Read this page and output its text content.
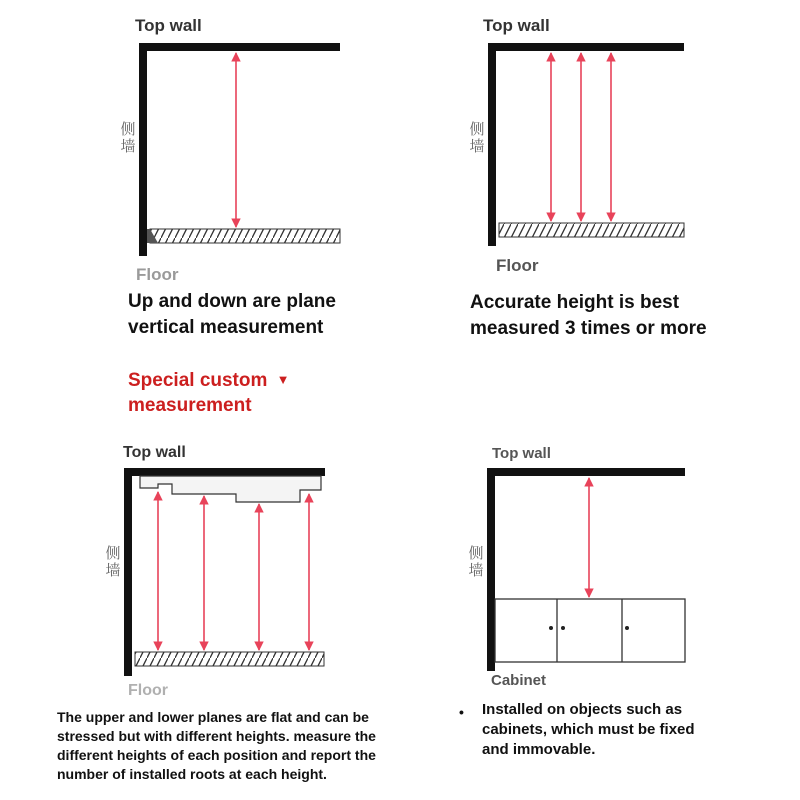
Top wall
侧墙
Floor
Up and down are plane
vertical measurement
Top wall
侧墙
Floor
Accurate height is best
measured 3 times or more
Special custom ▼
measurement
Top wall
侧墙
Floor
The upper and lower planes are flat and can be
stressed but with different heights. measure the
different heights of each position and report the
number of installed roots at each height.
Top wall
侧墙
Cabinet
• Installed on objects such as
cabinets, which must be fixed
and immovable.
